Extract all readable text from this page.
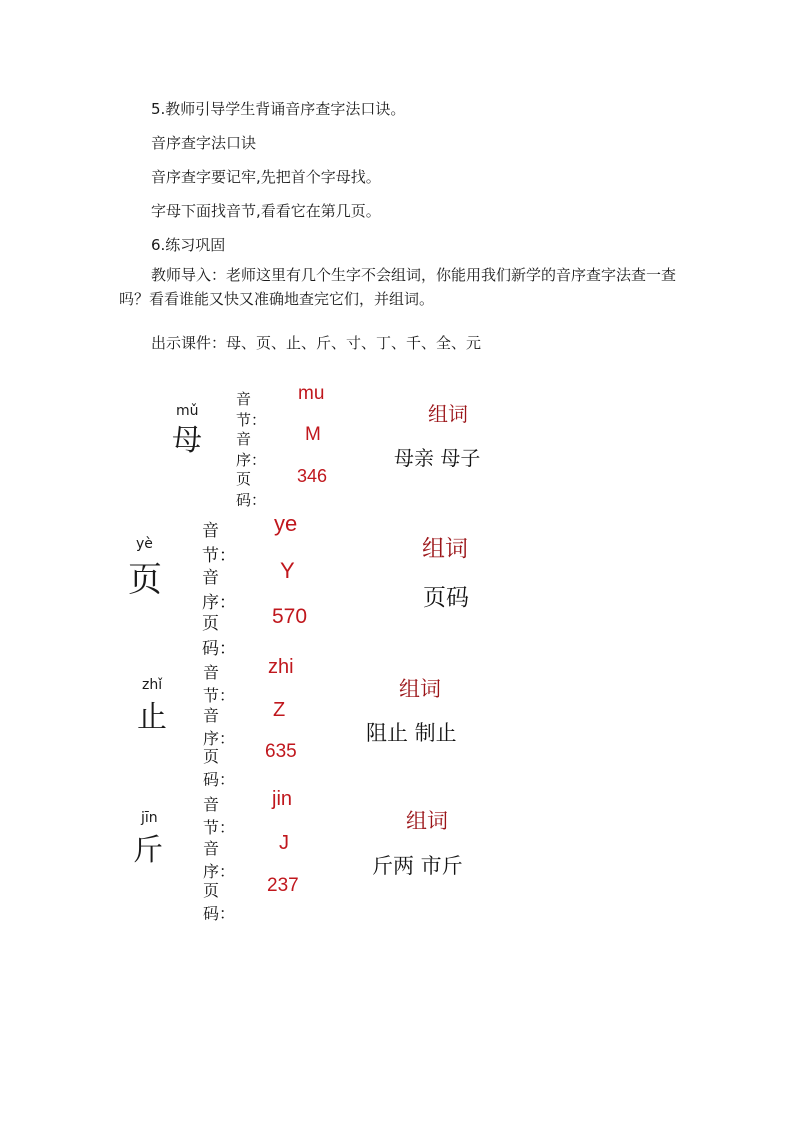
5.教师引导学生背诵音序查字法口诀。

音序查字法口诀

音序查字要记牢,先把首个字母找。

字母下面找音节,看看它在第几页。

6.练习巩固

教师导入：老师这里有几个生字不会组词，你能用我们新学的音序查字法查一查吗？看看谁能又快又准确地查完它们，并组词。

出示课件：母、页、止、斤、寸、丁、千、全、元

mǔ
母
音节：
mu
音序：
M
页码：
346
组词
母亲 母子
yè
页
音节：
ye
音序：
Y
页码：
570
组词
页码
zhǐ
止
音节：
zhi
音序：
Z
页码：
635
组词
阻止 制止
jīn
斤
音节：
jin
音序：
J
页码：
237
组词
斤两 市斤
